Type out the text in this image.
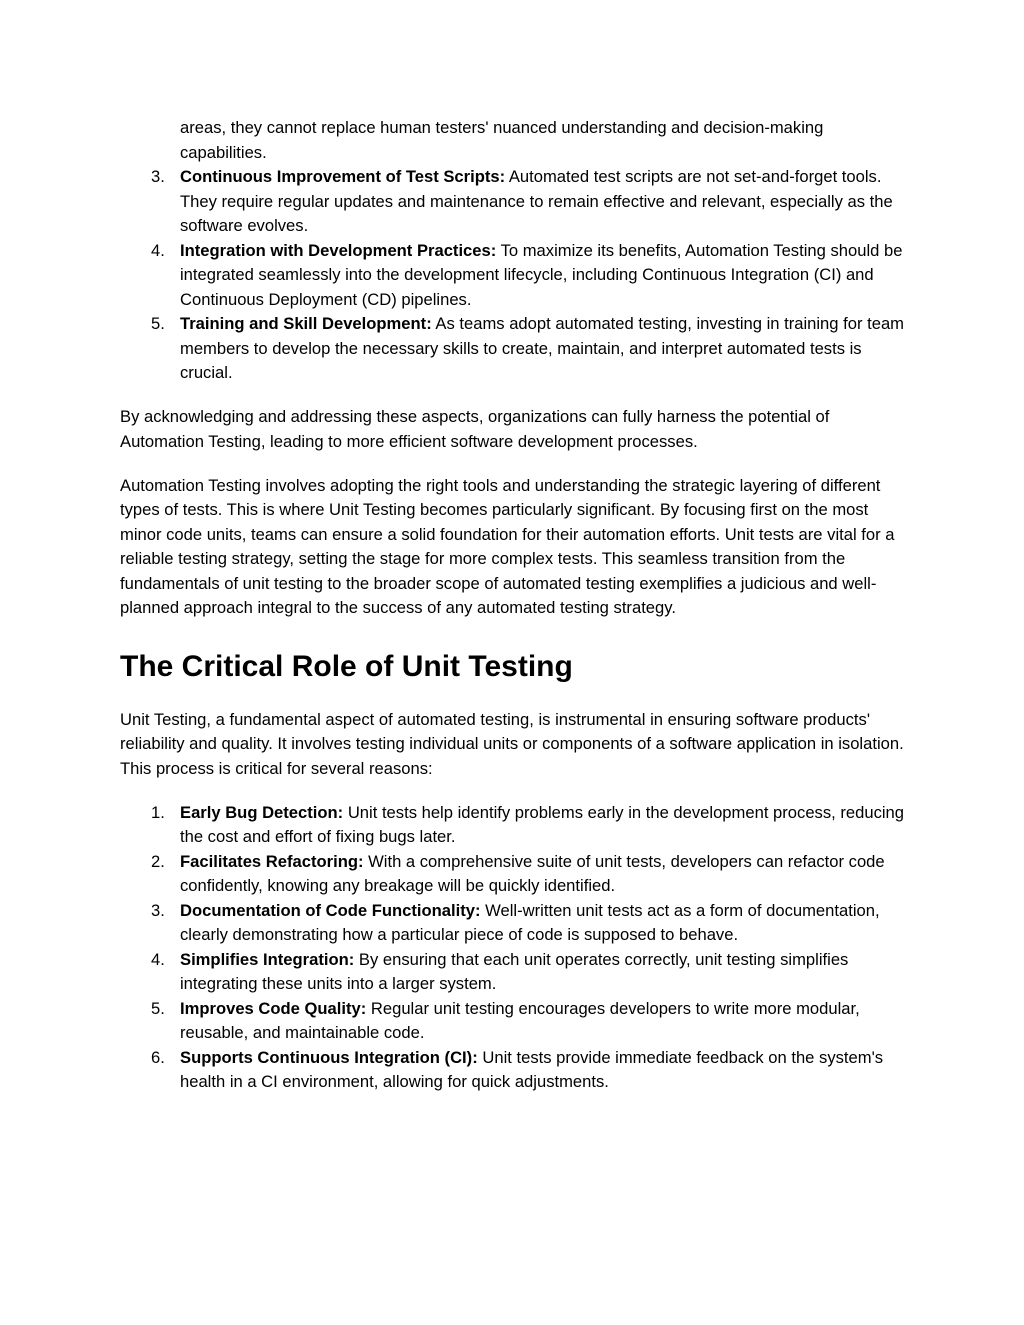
areas, they cannot replace human testers' nuanced understanding and decision-making capabilities.
3. Continuous Improvement of Test Scripts: Automated test scripts are not set-and-forget tools. They require regular updates and maintenance to remain effective and relevant, especially as the software evolves.
4. Integration with Development Practices: To maximize its benefits, Automation Testing should be integrated seamlessly into the development lifecycle, including Continuous Integration (CI) and Continuous Deployment (CD) pipelines.
5. Training and Skill Development: As teams adopt automated testing, investing in training for team members to develop the necessary skills to create, maintain, and interpret automated tests is crucial.

By acknowledging and addressing these aspects, organizations can fully harness the potential of Automation Testing, leading to more efficient software development processes.

Automation Testing involves adopting the right tools and understanding the strategic layering of different types of tests. This is where Unit Testing becomes particularly significant. By focusing first on the most minor code units, teams can ensure a solid foundation for their automation efforts. Unit tests are vital for a reliable testing strategy, setting the stage for more complex tests. This seamless transition from the fundamentals of unit testing to the broader scope of automated testing exemplifies a judicious and well-planned approach integral to the success of any automated testing strategy.

The Critical Role of Unit Testing

Unit Testing, a fundamental aspect of automated testing, is instrumental in ensuring software products' reliability and quality. It involves testing individual units or components of a software application in isolation. This process is critical for several reasons:

1. Early Bug Detection: Unit tests help identify problems early in the development process, reducing the cost and effort of fixing bugs later.
2. Facilitates Refactoring: With a comprehensive suite of unit tests, developers can refactor code confidently, knowing any breakage will be quickly identified.
3. Documentation of Code Functionality: Well-written unit tests act as a form of documentation, clearly demonstrating how a particular piece of code is supposed to behave.
4. Simplifies Integration: By ensuring that each unit operates correctly, unit testing simplifies integrating these units into a larger system.
5. Improves Code Quality: Regular unit testing encourages developers to write more modular, reusable, and maintainable code.
6. Supports Continuous Integration (CI): Unit tests provide immediate feedback on the system's health in a CI environment, allowing for quick adjustments.
